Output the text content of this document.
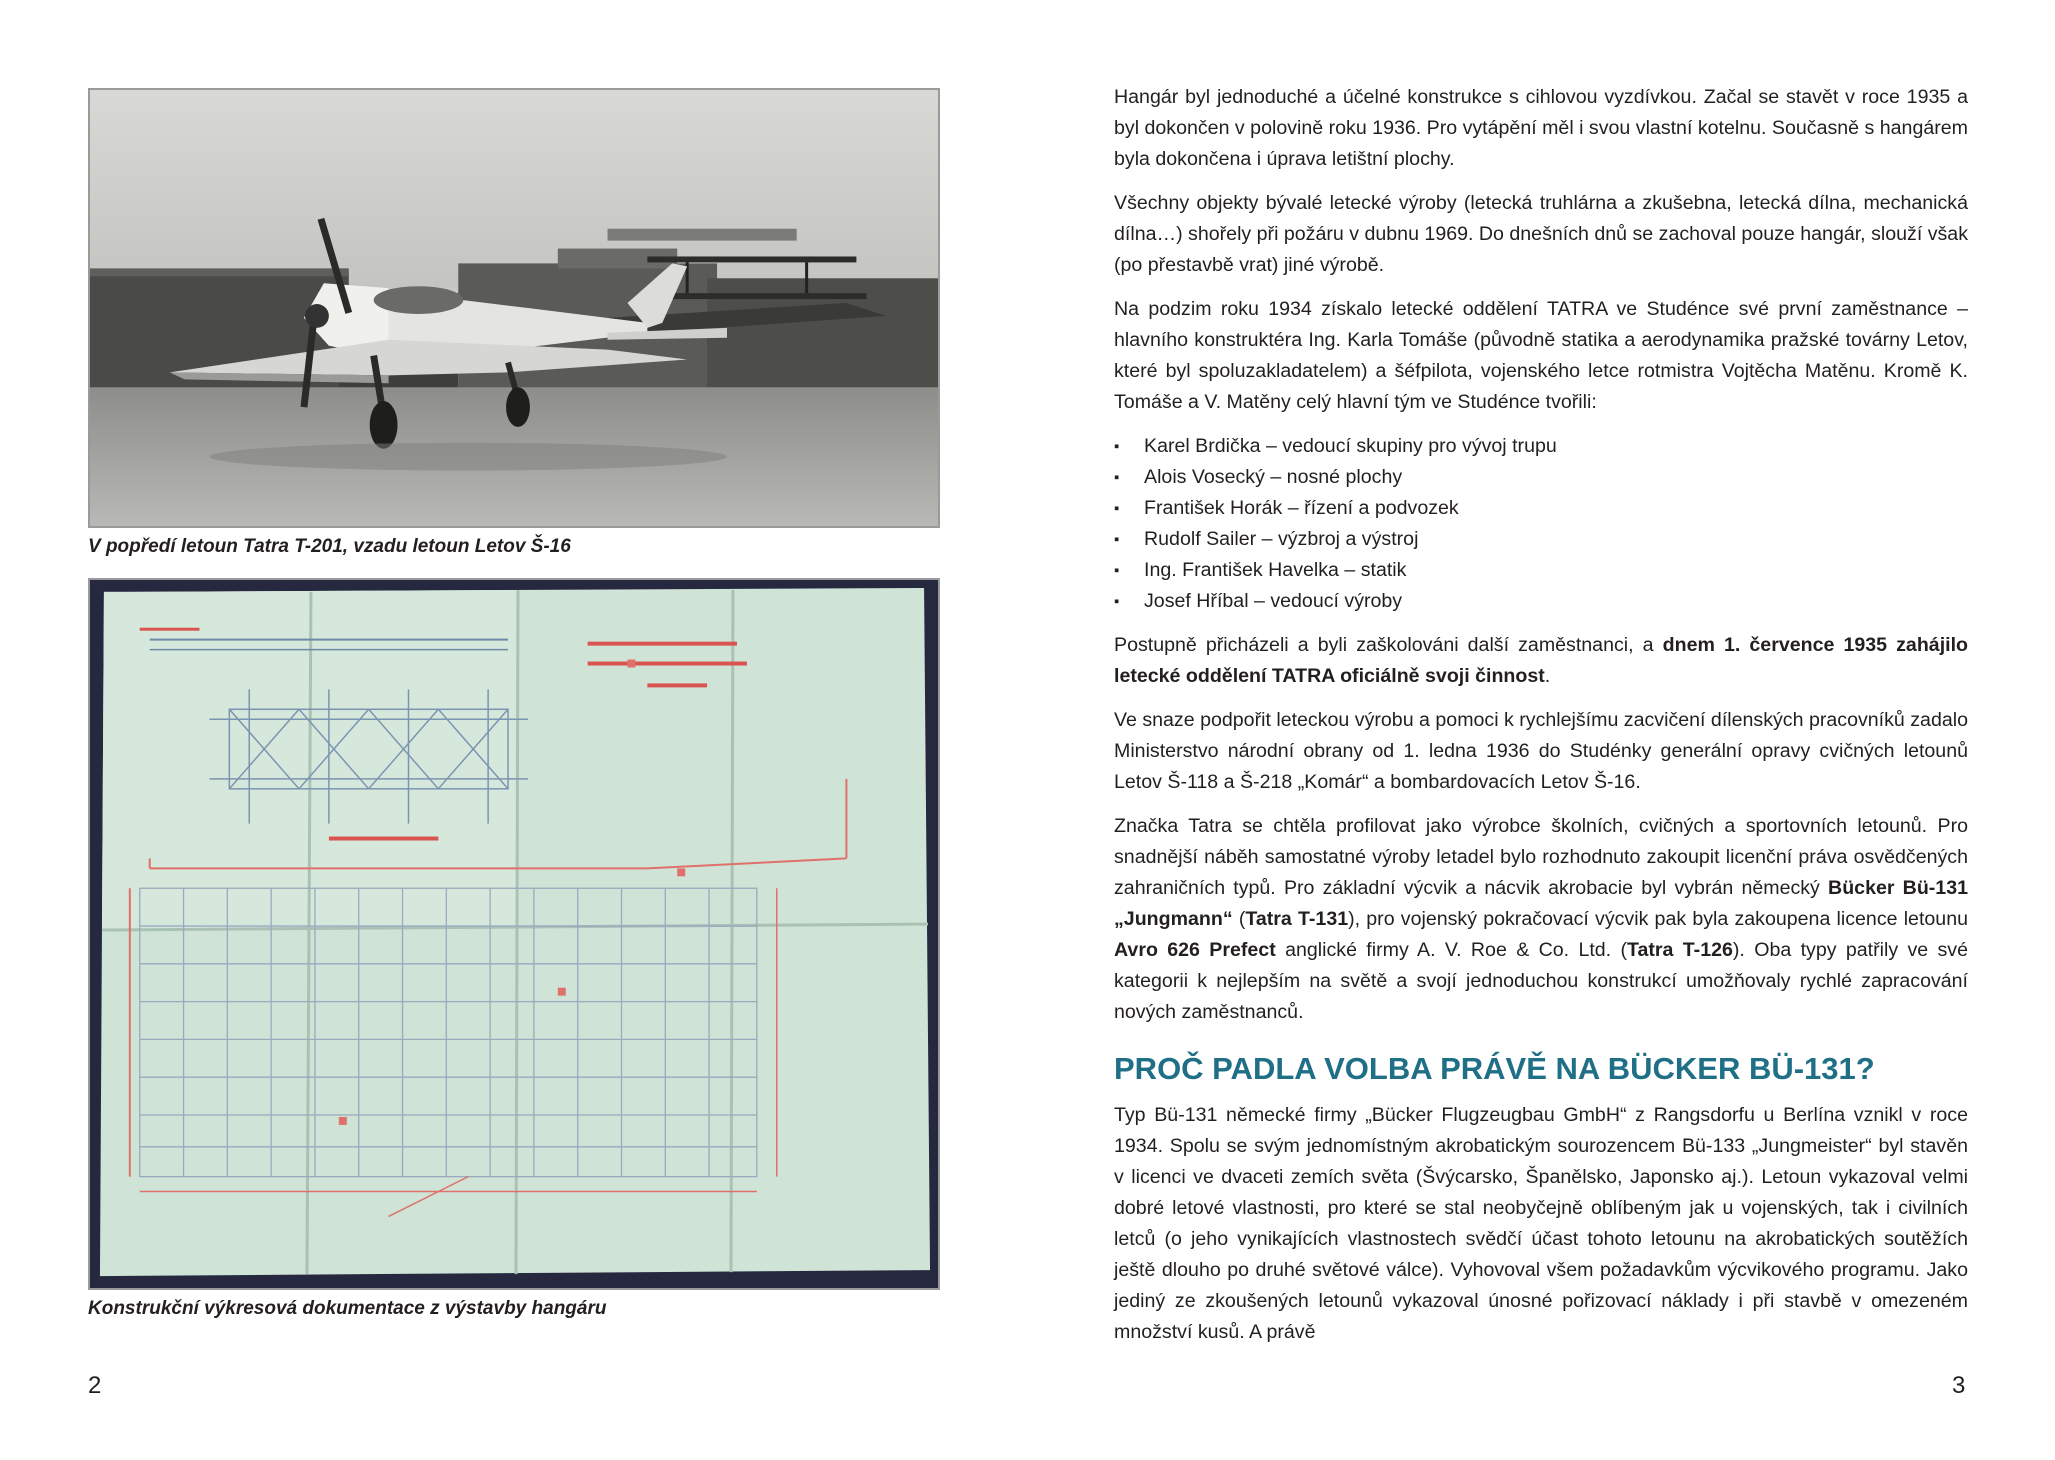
V popředí letoun Tatra T-201, vzadu letoun Letov Š-16
Konstrukční výkresová dokumentace z výstavby hangáru
2	3

Hangár byl jednoduché a účelné konstrukce s cihlovou vyzdívkou. Začal se stavět v roce 1935 a byl dokončen v polovině roku 1936. Pro vytápění měl i svou vlastní kotelnu. Současně s hangárem byla dokončena i úprava letištní plochy.

Všechny objekty bývalé letecké výroby (letecká truhlárna a zkušebna, letecká dílna, mechanická dílna…) shořely při požáru v dubnu 1969. Do dnešních dnů se zachoval pouze hangár, slouží však (po přestavbě vrat) jiné výrobě.

Na podzim roku 1934 získalo letecké oddělení TATRA ve Studénce své první zaměstnance – hlavního konstruktéra Ing. Karla Tomáše (původně statika a aerodynamika pražské továrny Letov, které byl spoluzakladatelem) a šéfpilota, vojenského letce rotmistra Vojtěcha Matěnu. Kromě K. Tomáše a V. Matěny celý hlavní tým ve Studénce tvořili:

▪ Karel Brdička – vedoucí skupiny pro vývoj trupu
▪ Alois Vosecký – nosné plochy
▪ František Horák – řízení a podvozek
▪ Rudolf Sailer – výzbroj a výstroj
▪ Ing. František Havelka – statik
▪ Josef Hříbal – vedoucí výroby

Postupně přicházeli a byli zaškolováni další zaměstnanci, a dnem 1. července 1935 zahájilo letecké oddělení TATRA oficiálně svoji činnost.

Ve snaze podpořit leteckou výrobu a pomoci k rychlejšímu zacvičení dílenských pracovníků zadalo Ministerstvo národní obrany od 1. ledna 1936 do Studénky generální opravy cvičných letounů Letov Š-118 a Š-218 „Komár“ a bombardovacích Letov Š-16.

Značka Tatra se chtěla profilovat jako výrobce školních, cvičných a sportovních letounů. Pro snadnější náběh samostatné výroby letadel bylo rozhodnuto zakoupit licenční práva osvědčených zahraničních typů. Pro základní výcvik a nácvik akrobacie byl vybrán německý Bücker Bü-131 „Jungmann“ (Tatra T-131), pro vojenský pokračovací výcvik pak byla zakoupena licence letounu Avro 626 Prefect anglické firmy A. V. Roe & Co. Ltd. (Tatra T-126). Oba typy patřily ve své kategorii k nejlepším na světě a svojí jednoduchou konstrukcí umožňovaly rychlé zapracování nových zaměstnanců.

PROČ PADLA VOLBA PRÁVĚ NA BÜCKER BÜ-131?

Typ Bü-131 německé firmy „Bücker Flugzeugbau GmbH“ z Rangsdorfu u Berlína vznikl v roce 1934. Spolu se svým jednomístným akrobatickým sourozencem Bü-133 „Jungmeister“ byl stavěn v licenci ve dvaceti zemích světa (Švýcarsko, Španělsko, Japonsko aj.). Letoun vykazoval velmi dobré letové vlastnosti, pro které se stal neobyčejně oblíbeným jak u vojenských, tak i civilních letců (o jeho vynikajících vlastnostech svědčí účast tohoto letounu na akrobatických soutěžích ještě dlouho po druhé světové válce). Vyhovoval všem požadavkům výcvikového programu. Jako jediný ze zkoušených letounů vykazoval únosné pořizovací náklady i při stavbě v omezeném množství kusů. A právě
